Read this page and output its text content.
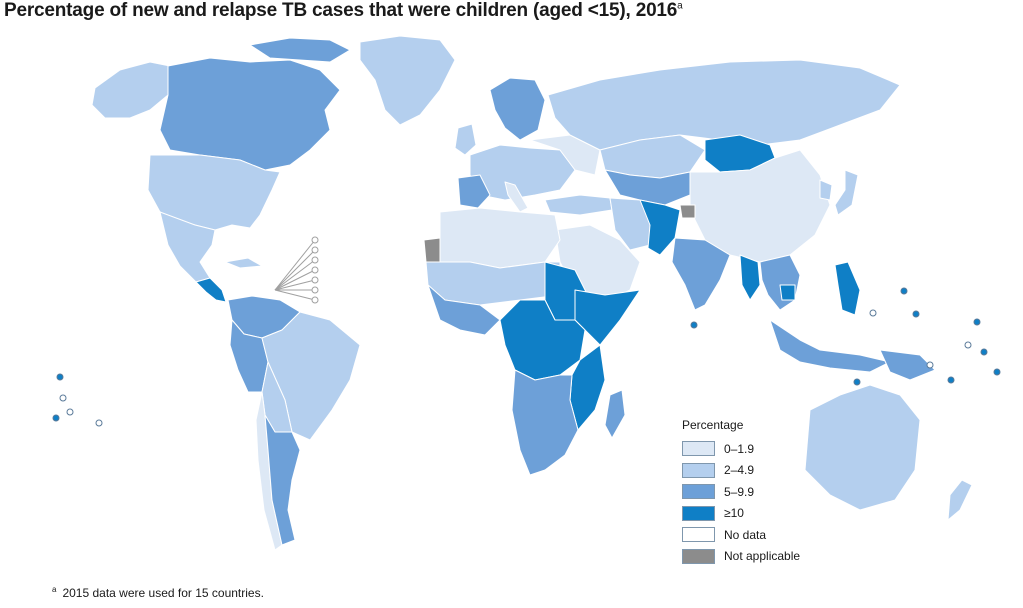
Percentage of new and relapse TB cases that were children (aged <15), 2016$^a$
Percentage
0–1.9
2–4.9
5–9.9
≥10
No data
Not applicable
$^a$ 2015 data were used for 15 countries.
